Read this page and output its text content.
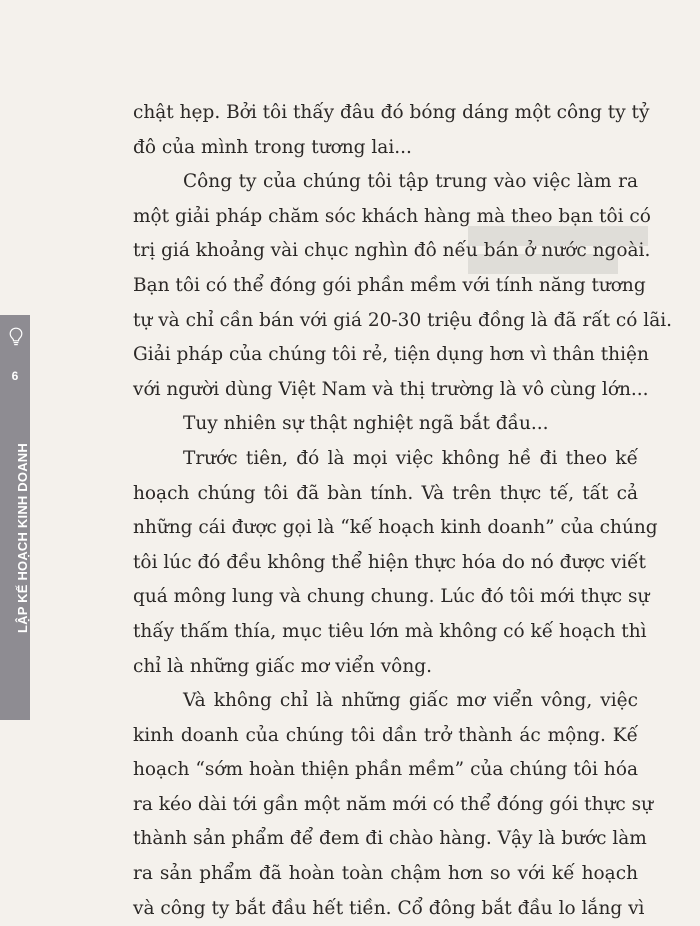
6
LẬP KẾ HOẠCH KINH DOANH
chật hẹp. Bởi tôi thấy đâu đó bóng dáng một công ty tỷ
đô của mình trong tương lai...
Công ty của chúng tôi tập trung vào việc làm ra
một giải pháp chăm sóc khách hàng mà theo bạn tôi có
trị giá khoảng vài chục nghìn đô nếu bán ở nước ngoài.
Bạn tôi có thể đóng gói phần mềm với tính năng tương
tự và chỉ cần bán với giá 20-30 triệu đồng là đã rất có lãi.
Giải pháp của chúng tôi rẻ, tiện dụng hơn vì thân thiện
với người dùng Việt Nam và thị trường là vô cùng lớn...
Tuy nhiên sự thật nghiệt ngã bắt đầu...
Trước tiên, đó là mọi việc không hề đi theo kế
hoạch chúng tôi đã bàn tính. Và trên thực tế, tất cả
những cái được gọi là “kế hoạch kinh doanh” của chúng
tôi lúc đó đều không thể hiện thực hóa do nó được viết
quá mông lung và chung chung. Lúc đó tôi mới thực sự
thấy thấm thía, mục tiêu lớn mà không có kế hoạch thì
chỉ là những giấc mơ viển vông.
Và không chỉ là những giấc mơ viển vông, việc
kinh doanh của chúng tôi dần trở thành ác mộng. Kế
hoạch “sớm hoàn thiện phần mềm” của chúng tôi hóa
ra kéo dài tới gần một năm mới có thể đóng gói thực sự
thành sản phẩm để đem đi chào hàng. Vậy là bước làm
ra sản phẩm đã hoàn toàn chậm hơn so với kế hoạch
và công ty bắt đầu hết tiền. Cổ đông bắt đầu lo lắng vì
